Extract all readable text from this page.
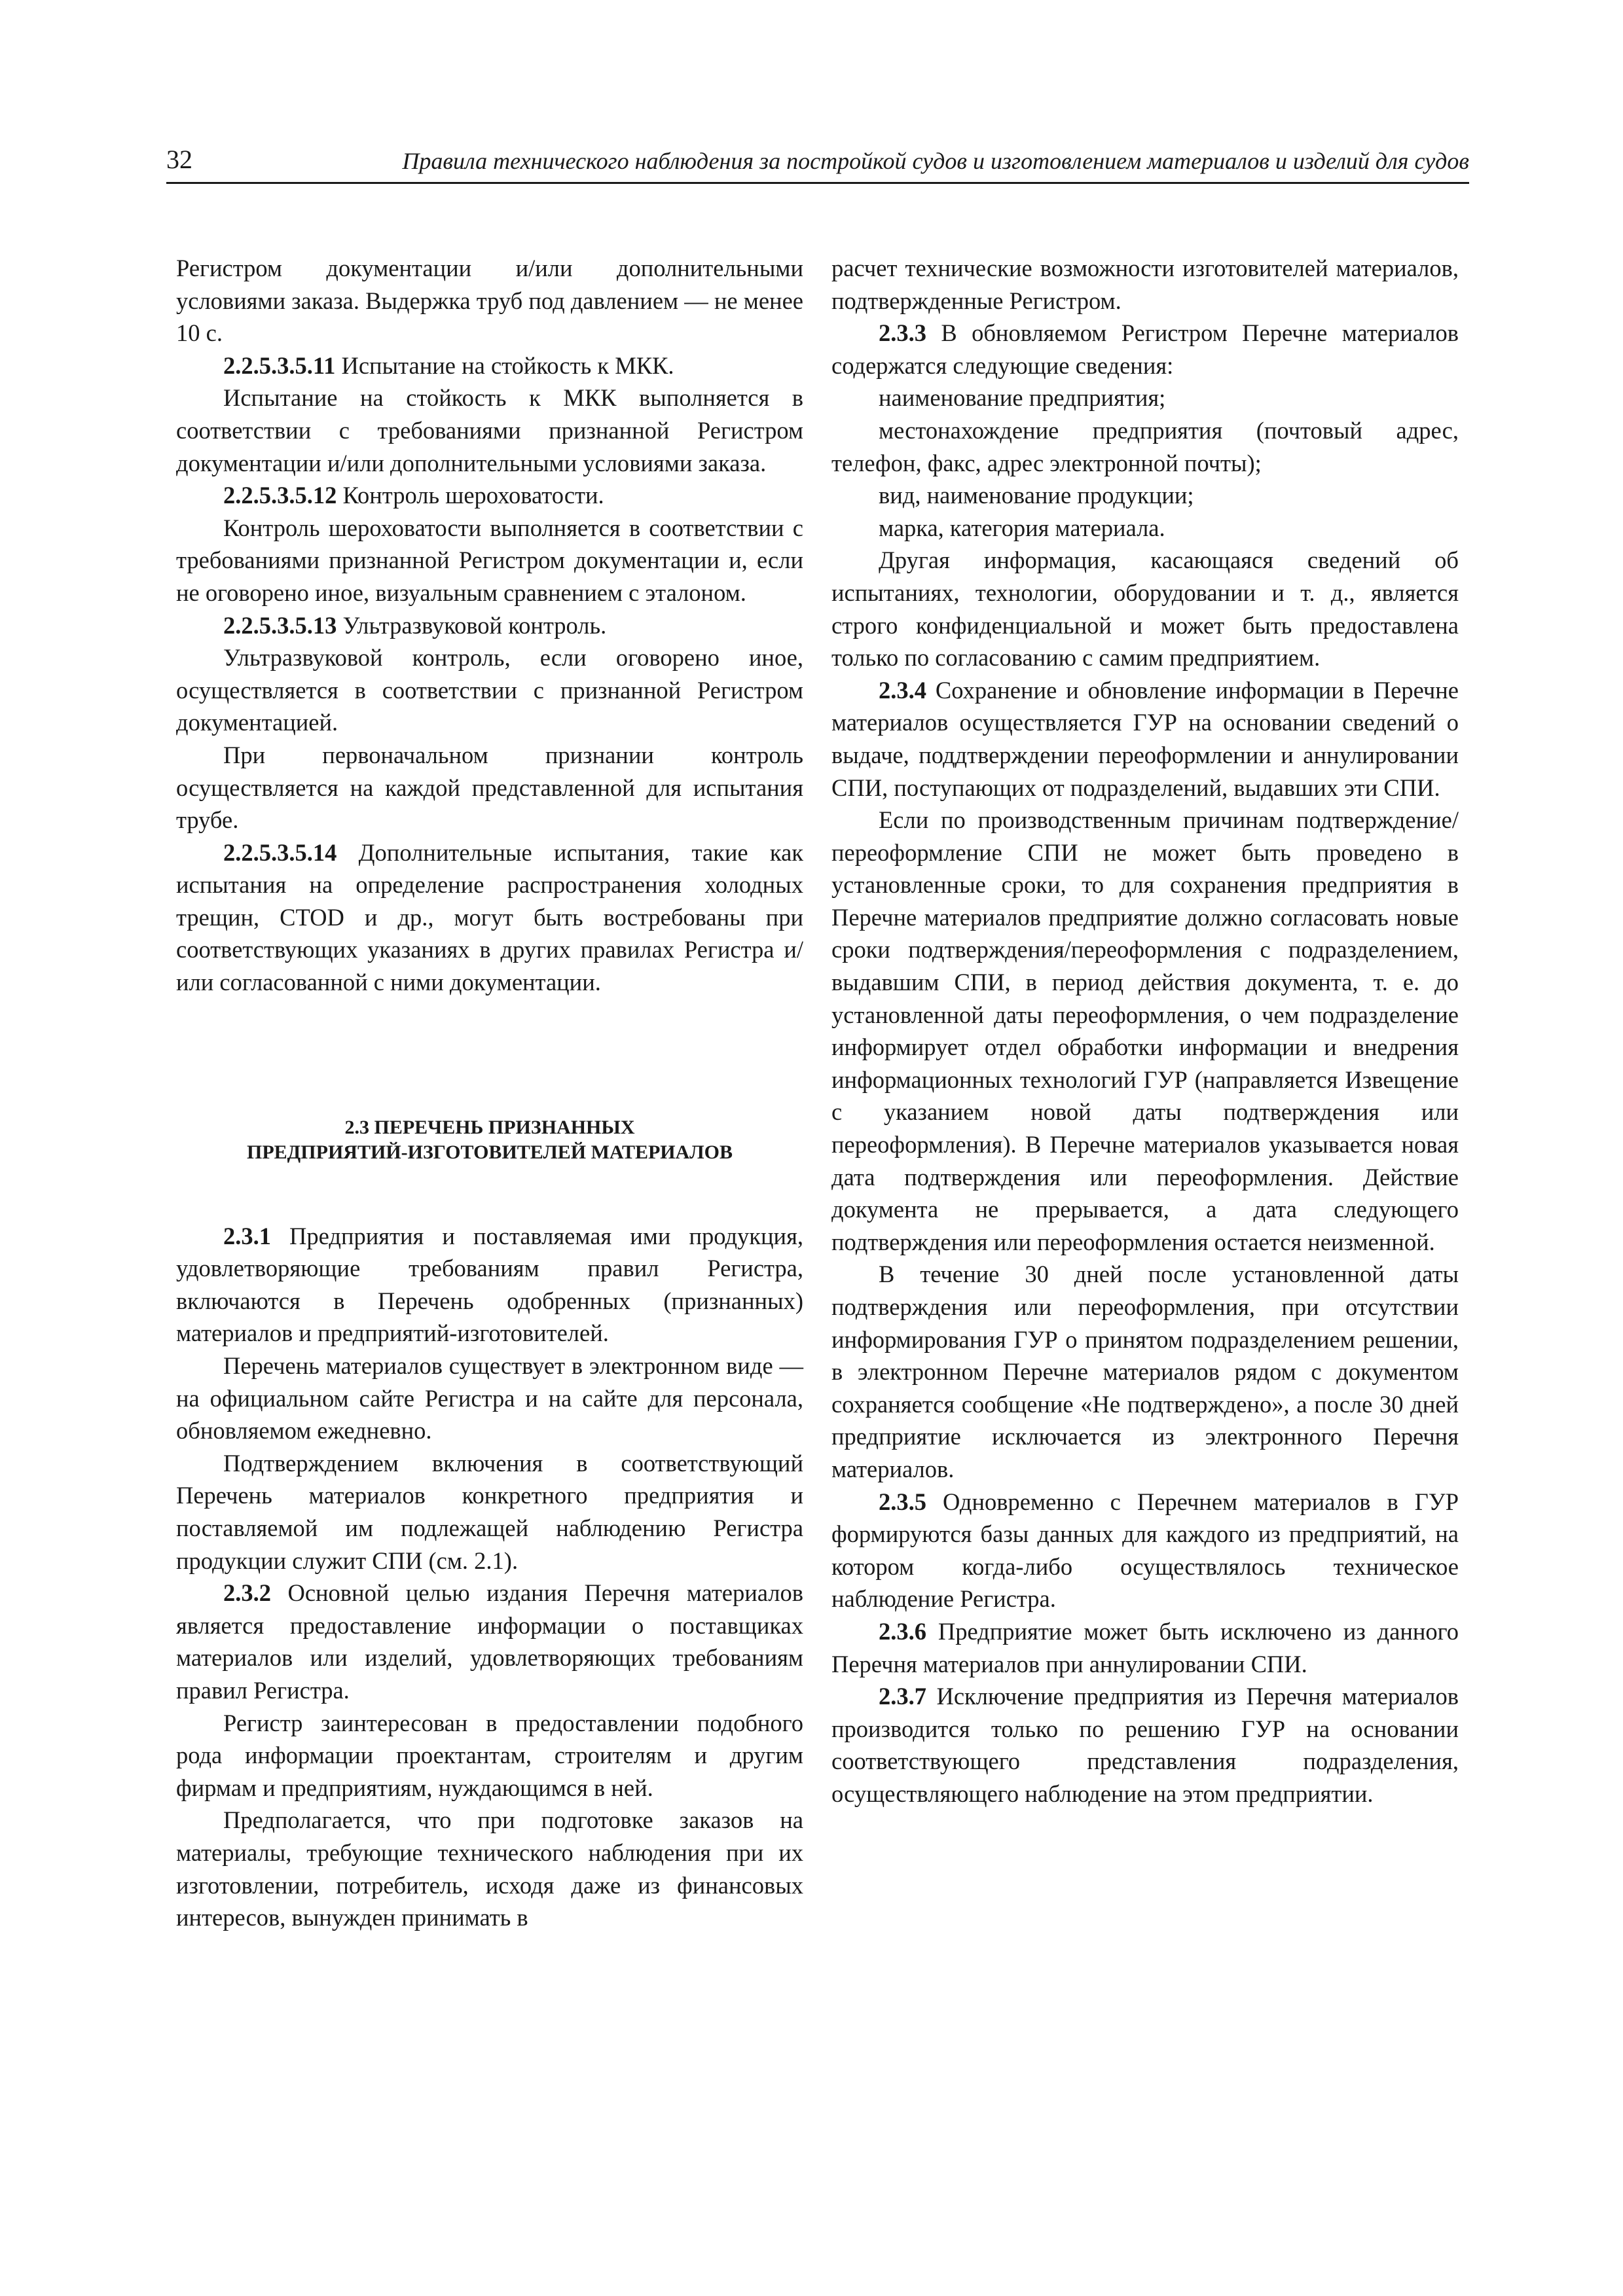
32	Правила технического наблюдения за постройкой судов и изготовлением материалов и изделий для судов

Регистром документации и/или дополнительными условиями заказа. Выдержка труб под давлением — не менее 10 с.

2.2.5.3.5.11 Испытание на стойкость к МКК.

Испытание на стойкость к МКК выполняется в соответствии с требованиями признанной Регистром документации и/или дополнительными условиями заказа.

2.2.5.3.5.12 Контроль шероховатости.

Контроль шероховатости выполняется в соответствии с требованиями признанной Регистром документации и, если не оговорено иное, визуальным сравнением с эталоном.

2.2.5.3.5.13 Ультразвуковой контроль.

Ультразвуковой контроль, если оговорено иное, осуществляется в соответствии с признанной Регистром документацией.

При первоначальном признании контроль осуществляется на каждой представленной для испытания трубе.

2.2.5.3.5.14 Дополнительные испытания, такие как испытания на определение распространения холодных трещин, CTOD и др., могут быть востребованы при соответствующих указаниях в других правилах Регистра и/или согласованной с ними документации.

2.3 ПЕРЕЧЕНЬ ПРИЗНАННЫХ
ПРЕДПРИЯТИЙ-ИЗГОТОВИТЕЛЕЙ МАТЕРИАЛОВ

2.3.1 Предприятия и поставляемая ими продукция, удовлетворяющие требованиям правил Регистра, включаются в Перечень одобренных (признанных) материалов и предприятий-изготовителей.

Перечень материалов существует в электронном виде — на официальном сайте Регистра и на сайте для персонала, обновляемом ежедневно.

Подтверждением включения в соответствующий Перечень материалов конкретного предприятия и поставляемой им подлежащей наблюдению Регистра продукции служит СПИ (см. 2.1).

2.3.2 Основной целью издания Перечня материалов является предоставление информации о поставщиках материалов или изделий, удовлетворяющих требованиям правил Регистра.

Регистр заинтересован в предоставлении подобного рода информации проектантам, строителям и другим фирмам и предприятиям, нуждающимся в ней.

Предполагается, что при подготовке заказов на материалы, требующие технического наблюдения при их изготовлении, потребитель, исходя даже из финансовых интересов, вынужден принимать в

расчет технические возможности изготовителей материалов, подтвержденные Регистром.

2.3.3 В обновляемом Регистром Перечне материалов содержатся следующие сведения:

наименование предприятия;

местонахождение предприятия (почтовый адрес, телефон, факс, адрес электронной почты);

вид, наименование продукции;

марка, категория материала.

Другая информация, касающаяся сведений об испытаниях, технологии, оборудовании и т. д., является строго конфиденциальной и может быть предоставлена только по согласованию с самим предприятием.

2.3.4 Сохранение и обновление информации в Перечне материалов осуществляется ГУР на основании сведений о выдаче, поддтверждении переоформлении и аннулировании СПИ, поступающих от подразделений, выдавших эти СПИ.

Если по производственным причинам подтверждение/переоформление СПИ не может быть проведено в установленные сроки, то для сохранения предприятия в Перечне материалов предприятие должно согласовать новые сроки подтверждения/переоформления с подразделением, выдавшим СПИ, в период действия документа, т. е. до установленной даты переоформления, о чем подразделение информирует отдел обработки информации и внедрения информационных технологий ГУР (направляется Извещение с указанием новой даты подтверждения или переоформления). В Перечне материалов указывается новая дата подтверждения или переоформления. Действие документа не прерывается, а дата следующего подтверждения или переоформления остается неизменной.

В течение 30 дней после установленной даты подтверждения или переоформления, при отсутствии информирования ГУР о принятом подразделением решении, в электронном Перечне материалов рядом с документом сохраняется сообщение «Не подтверждено», а после 30 дней предприятие исключается из электронного Перечня материалов.

2.3.5 Одновременно с Перечнем материалов в ГУР формируются базы данных для каждого из предприятий, на котором когда-либо осуществлялось техническое наблюдение Регистра.

2.3.6 Предприятие может быть исключено из данного Перечня материалов при аннулировании СПИ.

2.3.7 Исключение предприятия из Перечня материалов производится только по решению ГУР на основании соответствующего представления подразделения, осуществляющего наблюдение на этом предприятии.
